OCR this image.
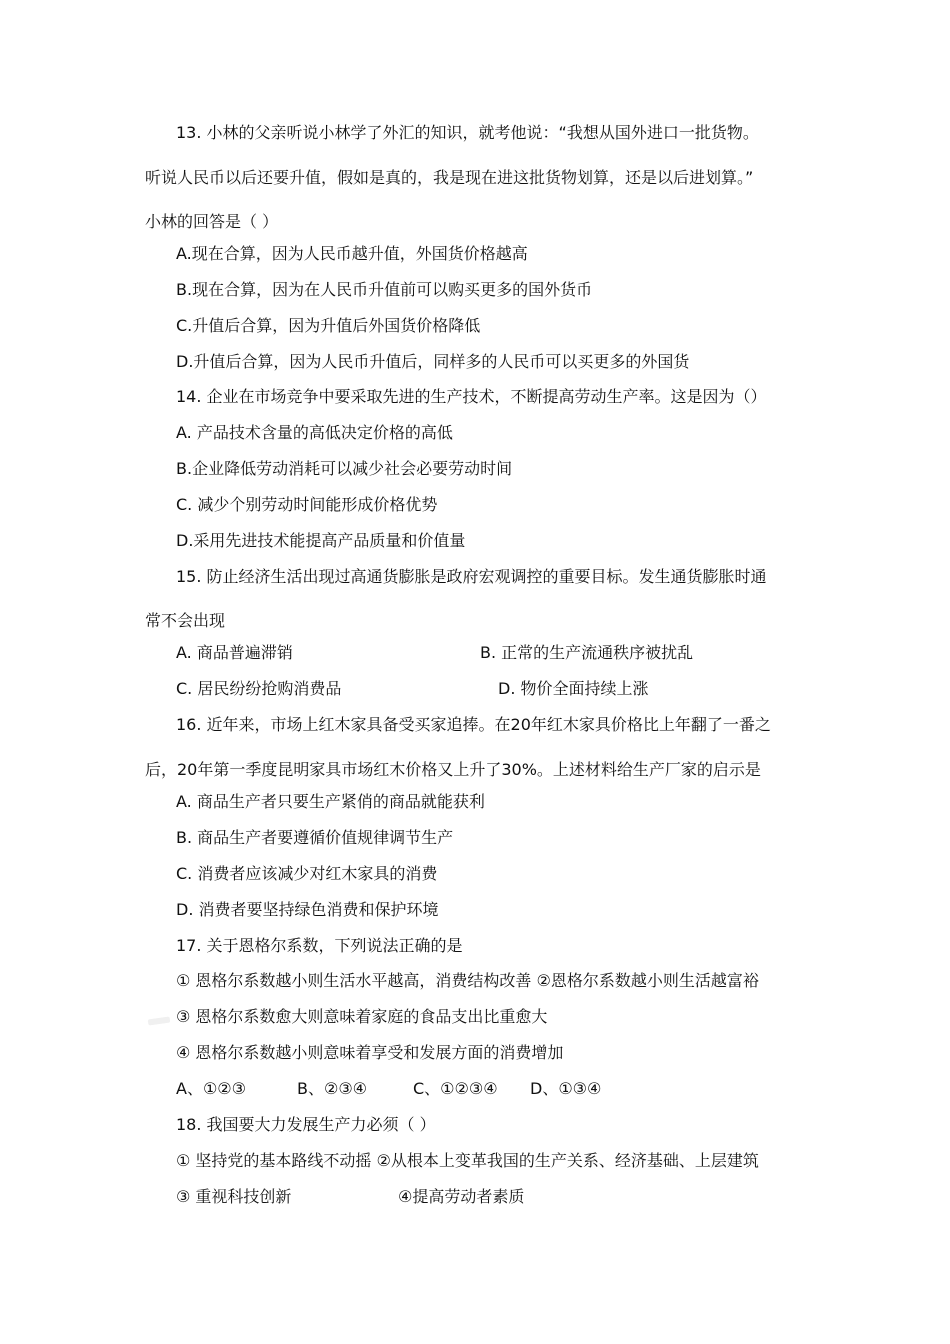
13. 小林的父亲听说小林学了外汇的知识，就考他说：“我想从国外进口一批货物。
听说人民币以后还要升值，假如是真的，我是现在进这批货物划算，还是以后进划算。”
小林的回答是（ ）
A.现在合算，因为人民币越升值，外国货价格越高
B.现在合算，因为在人民币升值前可以购买更多的国外货币
C.升值后合算，因为升值后外国货价格降低
D.升值后合算，因为人民币升值后，同样多的人民币可以买更多的外国货
14. 企业在市场竞争中要采取先进的生产技术，不断提高劳动生产率。这是因为（）
A. 产品技术含量的高低决定价格的高低
B.企业降低劳动消耗可以减少社会必要劳动时间
C. 减少个别劳动时间能形成价格优势
D.采用先进技术能提高产品质量和价值量
15. 防止经济生活出现过高通货膨胀是政府宏观调控的重要目标。发生通货膨胀时通
常不会出现
A. 商品普遍滞销	B. 正常的生产流通秩序被扰乱
C. 居民纷纷抢购消费品	D. 物价全面持续上涨
16. 近年来，市场上红木家具备受买家追捧。在20年红木家具价格比上年翻了一番之
后，20年第一季度昆明家具市场红木价格又上升了30%。上述材料给生产厂家的启示是
A. 商品生产者只要生产紧俏的商品就能获利
B. 商品生产者要遵循价值规律调节生产
C. 消费者应该减少对红木家具的消费
D. 消费者要坚持绿色消费和保护环境
17. 关于恩格尔系数，下列说法正确的是
① 恩格尔系数越小则生活水平越高，消费结构改善 ②恩格尔系数越小则生活越富裕
③ 恩格尔系数愈大则意味着家庭的食品支出比重愈大
④ 恩格尔系数越小则意味着享受和发展方面的消费增加
A、①②③	B、②③④	C、①②③④ D、①③④
18. 我国要大力发展生产力必须（ ）
① 坚持党的基本路线不动摇 ②从根本上变革我国的生产关系、经济基础、上层建筑
③ 重视科技创新	④提高劳动者素质
